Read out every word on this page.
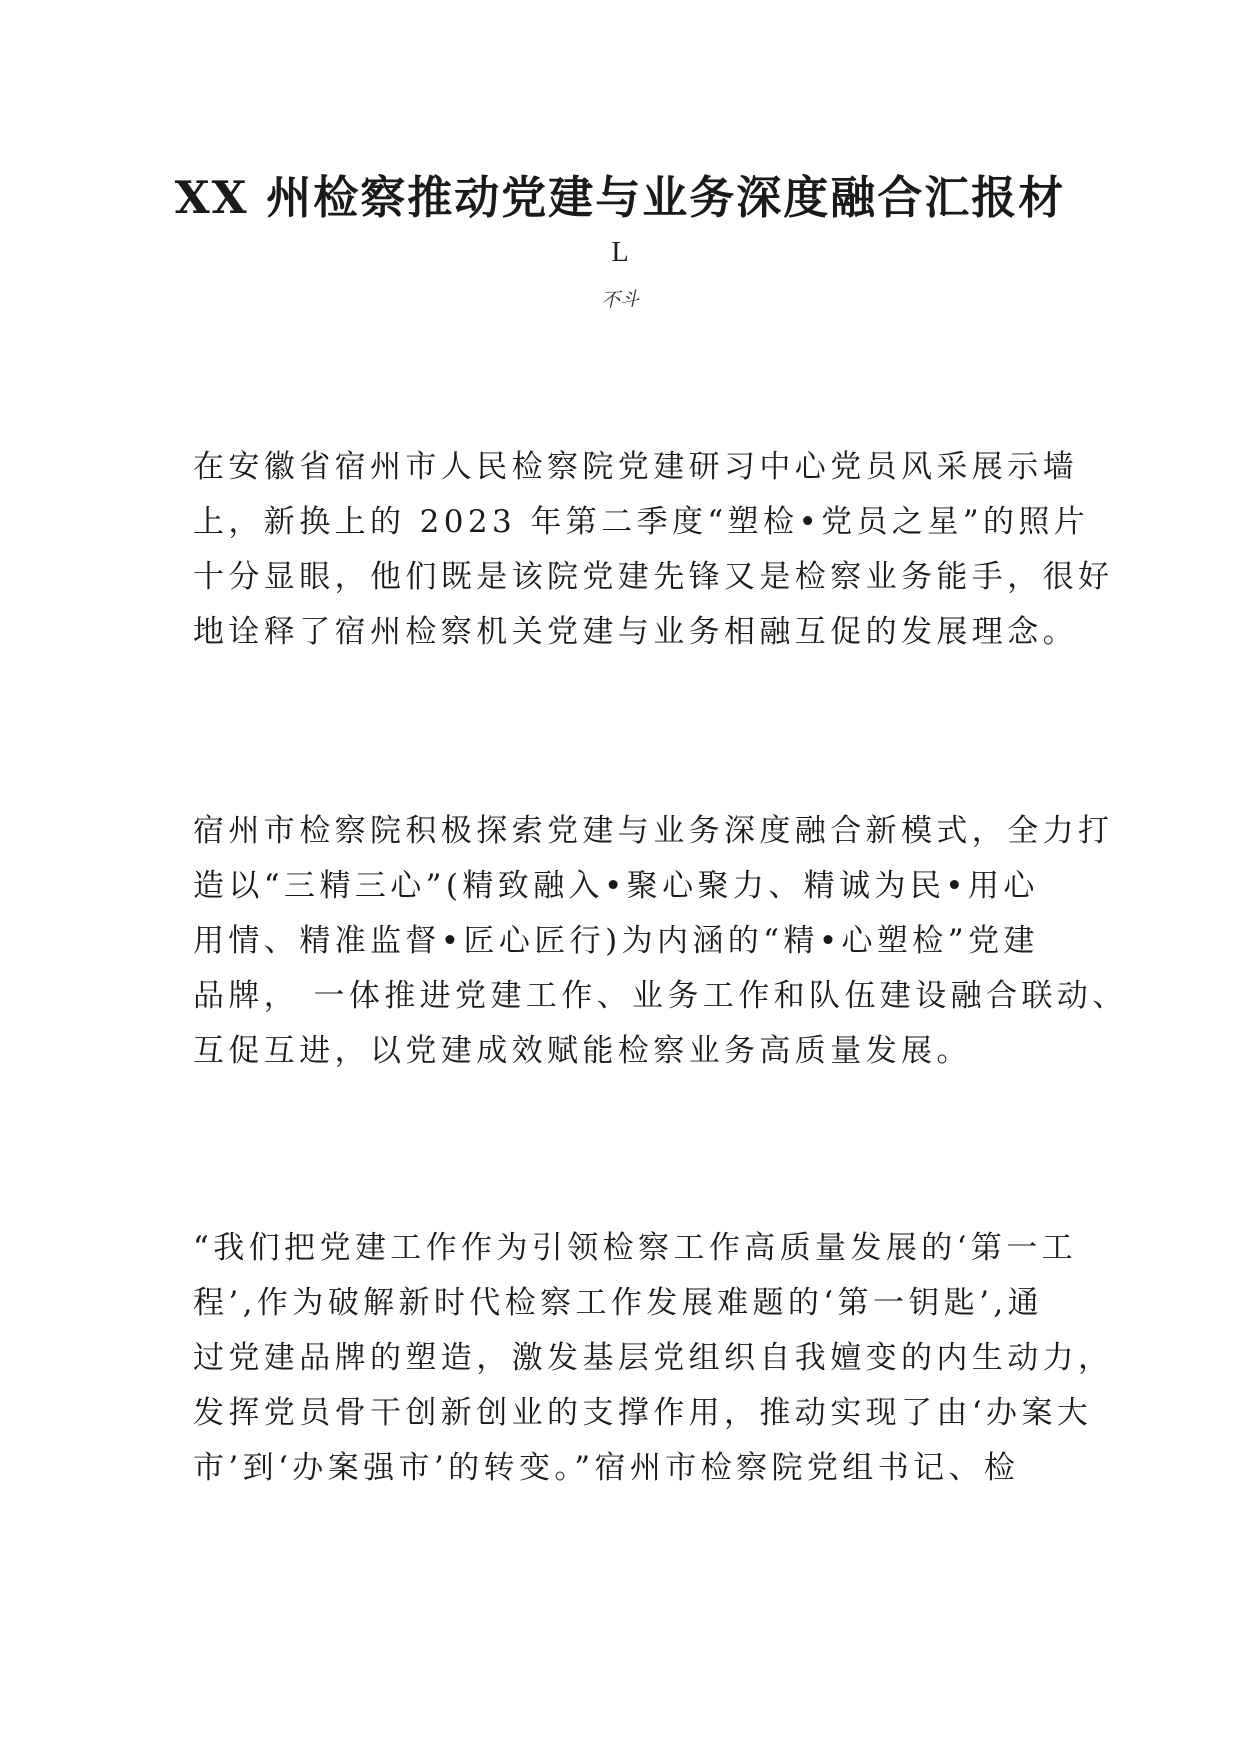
XX 州检察推动党建与业务深度融合汇报材
L
不斗
在安徽省宿州市人民检察院党建研习中心党员风采展示墙
上，新换上的 2023 年第二季度“塑检•党员之星”的照片
十分显眼，他们既是该院党建先锋又是检察业务能手，很好
地诠释了宿州检察机关党建与业务相融互促的发展理念。
宿州市检察院积极探索党建与业务深度融合新模式，全力打
造以“三精三心”(精致融入•聚心聚力、精诚为民•用心
用情、精准监督•匠心匠行)为内涵的“精•心塑检”党建
品牌， 一体推进党建工作、业务工作和队伍建设融合联动、
互促互进，以党建成效赋能检察业务高质量发展。
“我们把党建工作作为引领检察工作高质量发展的‘第一工
程’,作为破解新时代检察工作发展难题的‘第一钥匙’,通
过党建品牌的塑造，激发基层党组织自我嬗变的内生动力，
发挥党员骨干创新创业的支撑作用，推动实现了由‘办案大
市’到‘办案强市’的转变。”宿州市检察院党组书记、检
